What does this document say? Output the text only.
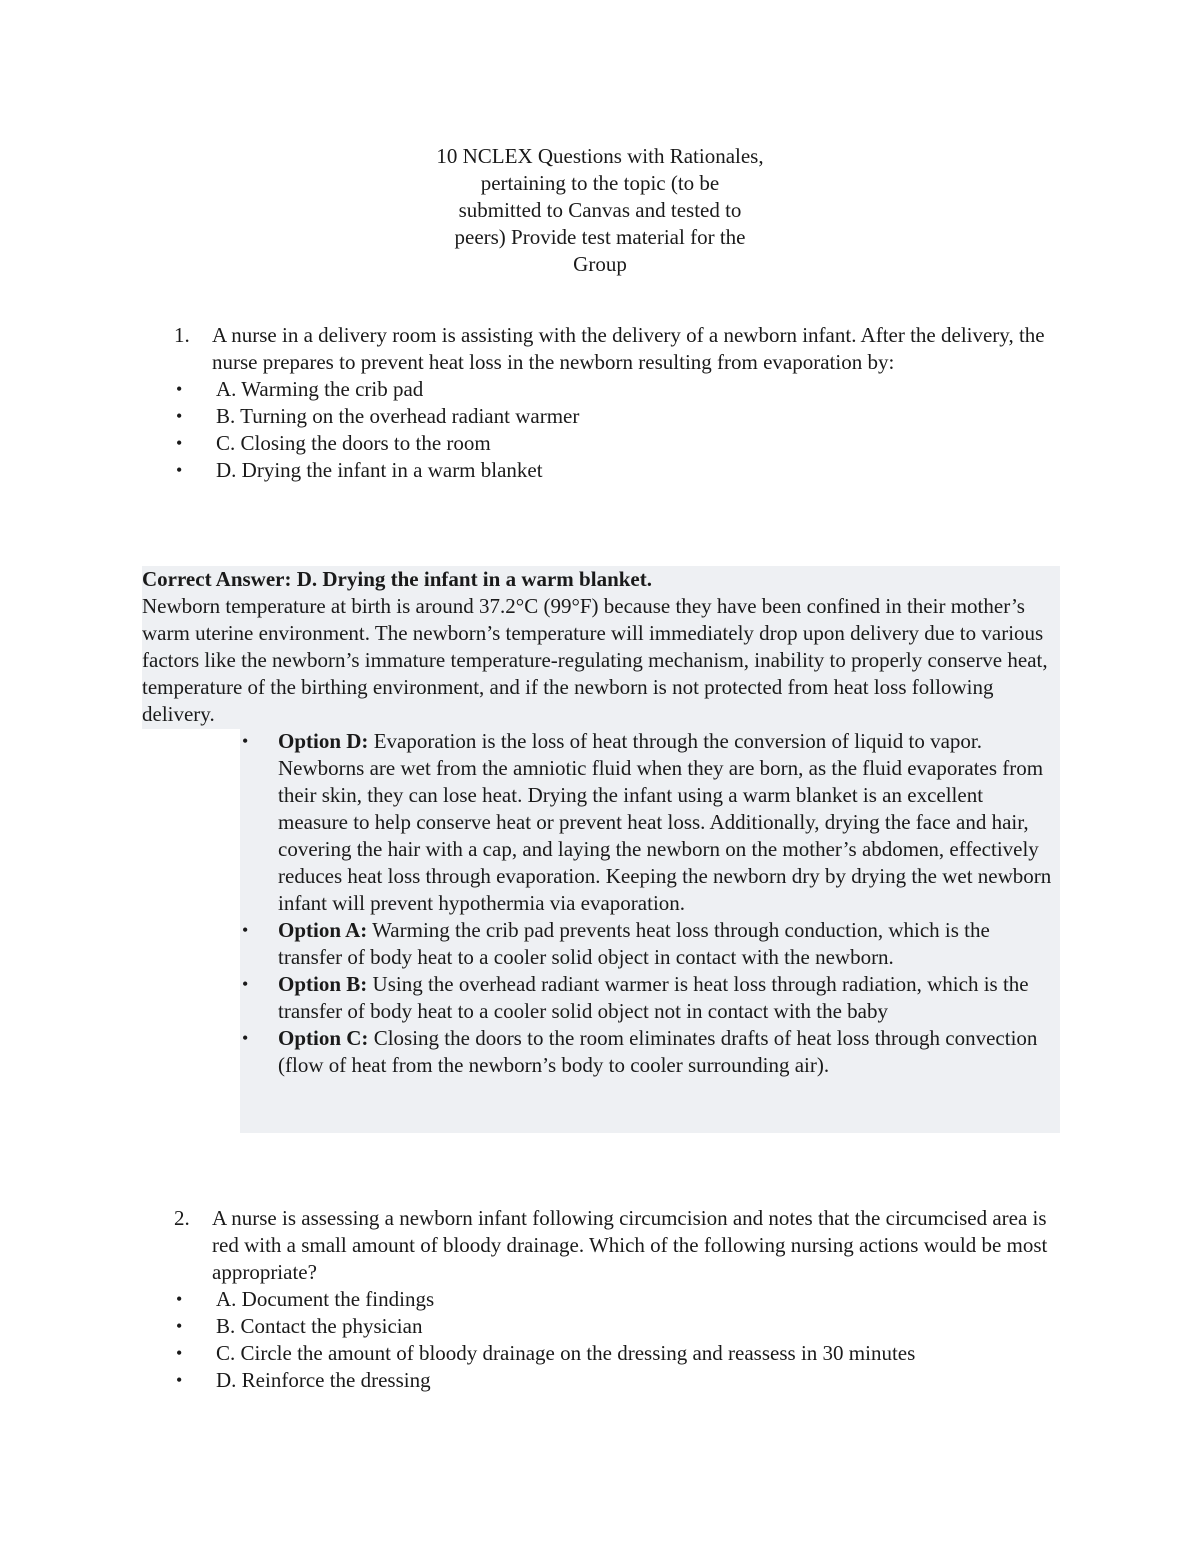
10 NCLEX Questions with Rationales,
pertaining to the topic (to be
submitted to Canvas and tested to
peers) Provide test material for the
Group
1. A nurse in a delivery room is assisting with the delivery of a newborn infant. After the delivery, the nurse prepares to prevent heat loss in the newborn resulting from evaporation by:
• A. Warming the crib pad
• B. Turning on the overhead radiant warmer
• C. Closing the doors to the room
• D. Drying the infant in a warm blanket
Correct Answer: D. Drying the infant in a warm blanket.
Newborn temperature at birth is around 37.2°C (99°F) because they have been confined in their mother’s warm uterine environment. The newborn’s temperature will immediately drop upon delivery due to various factors like the newborn’s immature temperature-regulating mechanism, inability to properly conserve heat, temperature of the birthing environment, and if the newborn is not protected from heat loss following delivery.
• Option D: Evaporation is the loss of heat through the conversion of liquid to vapor. Newborns are wet from the amniotic fluid when they are born, as the fluid evaporates from their skin, they can lose heat. Drying the infant using a warm blanket is an excellent measure to help conserve heat or prevent heat loss. Additionally, drying the face and hair, covering the hair with a cap, and laying the newborn on the mother’s abdomen, effectively reduces heat loss through evaporation. Keeping the newborn dry by drying the wet newborn infant will prevent hypothermia via evaporation.
• Option A: Warming the crib pad prevents heat loss through conduction, which is the transfer of body heat to a cooler solid object in contact with the newborn.
• Option B: Using the overhead radiant warmer is heat loss through radiation, which is the transfer of body heat to a cooler solid object not in contact with the baby
• Option C: Closing the doors to the room eliminates drafts of heat loss through convection (flow of heat from the newborn’s body to cooler surrounding air).
2. A nurse is assessing a newborn infant following circumcision and notes that the circumcised area is red with a small amount of bloody drainage. Which of the following nursing actions would be most appropriate?
• A. Document the findings
• B. Contact the physician
• C. Circle the amount of bloody drainage on the dressing and reassess in 30 minutes
• D. Reinforce the dressing
